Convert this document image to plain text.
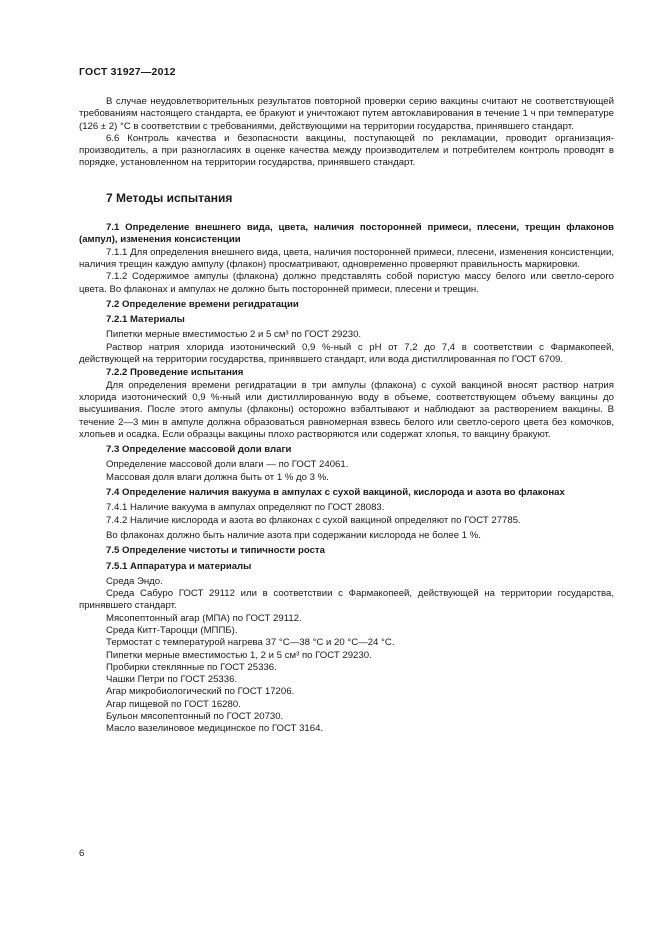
ГОСТ 31927—2012

В случае неудовлетворительных результатов повторной проверки серию вакцины считают не соответствующей требованиям настоящего стандарта, ее бракуют и уничтожают путем автоклавирования в течение 1 ч при температуре (126 ± 2) °С в соответствии с требованиями, действующими на территории государства, принявшего стандарт.

6.6 Контроль качества и безопасности вакцины, поступающей по рекламации, проводит организация-производитель, а при разногласиях в оценке качества между производителем и потребителем контроль проводят в порядке, установленном на территории государства, принявшего стандарт.

7 Методы испытания

7.1 Определение внешнего вида, цвета, наличия посторонней примеси, плесени, трещин флаконов (ампул), изменения консистенции

7.1.1 Для определения внешнего вида, цвета, наличия посторонней примеси, плесени, изменения консистенции, наличия трещин каждую ампулу (флакон) просматривают, одновременно проверяют правильность маркировки.

7.1.2 Содержимое ампулы (флакона) должно представлять собой пористую массу белого или светло-серого цвета. Во флаконах и ампулах не должно быть посторонней примеси, плесени и трещин.

7.2 Определение времени регидратации
7.2.1 Материалы

Пипетки мерные вместимостью 2 и 5 см³ по ГОСТ 29230.

Раствор натрия хлорида изотонический 0,9 %-ный с рН от 7,2 до 7,4 в соответствии с Фармакопеей, действующей на территории государства, принявшего стандарт, или вода дистиллированная по ГОСТ 6709.

7.2.2 Проведение испытания

Для определения времени регидратации в три ампулы (флакона) с сухой вакциной вносят раствор натрия хлорида изотонический 0,9 %-ный или дистиллированную воду в объеме, соответствующем объему вакцины до высушивания. После этого ампулы (флаконы) осторожно взбалтывают и наблюдают за растворением вакцины. В течение 2—3 мин в ампуле должна образоваться равномерная взвесь белого или светло-серого цвета без комочков, хлопьев и осадка. Если образцы вакцины плохо растворяются или содержат хлопья, то вакцину бракуют.

7.3 Определение массовой доли влаги

Определение массовой доли влаги — по ГОСТ 24061.

Массовая доля влаги должна быть от 1 % до 3 %.

7.4 Определение наличия вакуума в ампулах с сухой вакциной, кислорода и азота во флаконах

7.4.1 Наличие вакуума в ампулах определяют по ГОСТ 28083.

7.4.2 Наличие кислорода и азота во флаконах с сухой вакциной определяют по ГОСТ 27785.

Во флаконах должно быть наличие азота при содержании кислорода не более 1 %.

7.5 Определение чистоты и типичности роста
7.5.1 Аппаратура и материалы

Среда Эндо.

Среда Сабуро ГОСТ 29112 или в соответствии с Фармакопеей, действующей на территории государства, принявшего стандарт.

Мясопептонный агар (МПА) по ГОСТ 29112.

Среда Китт-Тароцци (МППБ).

Термостат с температурой нагрева 37 °С—38 °С и 20 °С—24 °С.

Пипетки мерные вместимостью 1, 2 и 5 см³ по ГОСТ 29230.

Пробирки стеклянные по ГОСТ 25336.

Чашки Петри по ГОСТ 25336.

Агар микробиологический по ГОСТ 17206.

Агар пищевой по ГОСТ 16280.

Бульон мясопептонный по ГОСТ 20730.

Масло вазелиновое медицинское по ГОСТ 3164.

6
